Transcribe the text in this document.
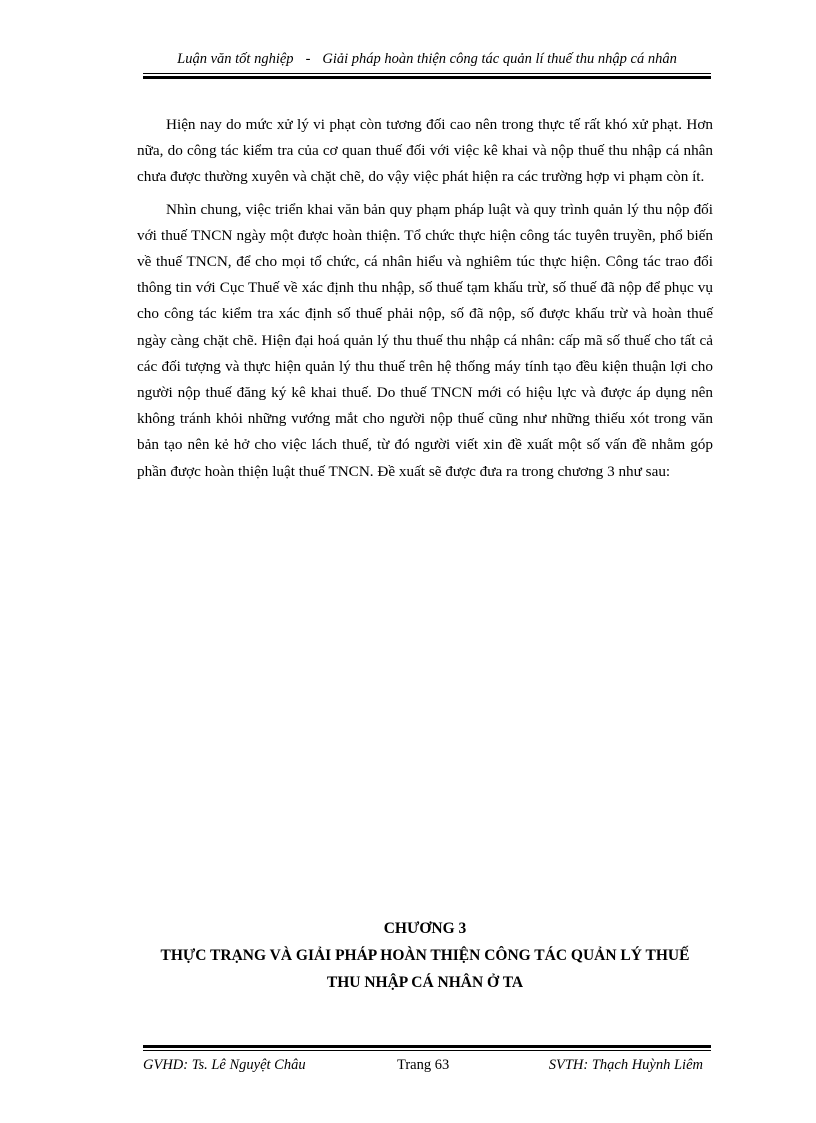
Luận văn tốt nghiệp - Giải pháp hoàn thiện công tác quản lí thuế thu nhập cá nhân

Hiện nay do mức xử lý vi phạt còn tương đối cao nên trong thực tế rất khó xử phạt. Hơn nữa, do công tác kiểm tra của cơ quan thuế đối với việc kê khai và nộp thuế thu nhập cá nhân chưa được thường xuyên và chặt chẽ, do vậy việc phát hiện ra các trường hợp vi phạm còn ít.

Nhìn chung, việc triển khai văn bản quy phạm pháp luật và quy trình quản lý thu nộp đối với thuế TNCN ngày một được hoàn thiện. Tổ chức thực hiện công tác tuyên truyền, phổ biến về thuế TNCN, để cho mọi tổ chức, cá nhân hiểu và nghiêm túc thực hiện. Công tác trao đổi thông tin với Cục Thuế về xác định thu nhập, số thuế tạm khấu trừ, số thuế đã nộp để phục vụ cho công tác kiểm tra xác định số thuế phải nộp, số đã nộp, số được khấu trừ và hoàn thuế ngày càng chặt chẽ. Hiện đại hoá quản lý thu thuế thu nhập cá nhân: cấp mã số thuế cho tất cả các đối tượng và thực hiện quản lý thu thuế trên hệ thống máy tính tạo đều kiện thuận lợi cho người nộp thuế đăng ký kê khai thuế. Do thuế TNCN mới có hiệu lực và được áp dụng nên không tránh khỏi những vướng mắt cho người nộp thuế cũng như những thiếu xót trong văn bản tạo nên kẻ hở cho việc lách thuế, từ đó người viết xin đề xuất một số vấn đề nhằm góp phần được hoàn thiện luật thuế TNCN. Đề xuất sẽ được đưa ra trong chương 3 như sau:

CHƯƠNG 3
THỰC TRẠNG VÀ GIẢI PHÁP HOÀN THIỆN CÔNG TÁC QUẢN LÝ THUẾ THU NHẬP CÁ NHÂN Ở TA
GVHD: Ts. Lê Nguyệt Châu	Trang 63	SVTH: Thạch Huỳnh Liêm
